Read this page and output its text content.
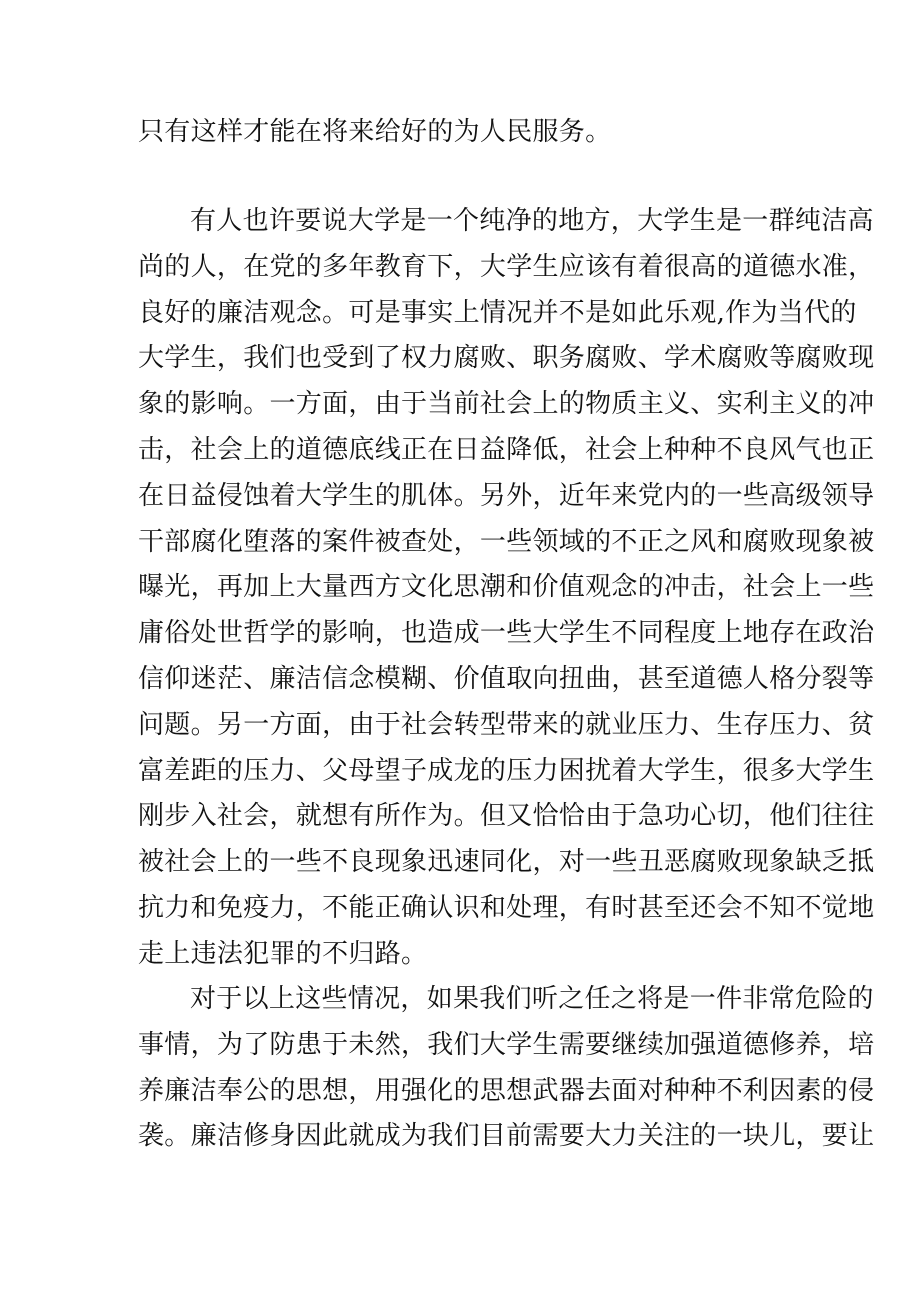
只有这样才能在将来给好的为人民服务。
有人也许要说大学是一个纯净的地方，大学生是一群纯洁高
尚的人，在党的多年教育下，大学生应该有着很高的道德水准，
良好的廉洁观念。可是事实上情况并不是如此乐观,作为当代的
大学生，我们也受到了权力腐败、职务腐败、学术腐败等腐败现
象的影响。一方面，由于当前社会上的物质主义、实利主义的冲
击，社会上的道德底线正在日益降低，社会上种种不良风气也正
在日益侵蚀着大学生的肌体。另外，近年来党内的一些高级领导
干部腐化堕落的案件被查处，一些领域的不正之风和腐败现象被
曝光，再加上大量西方文化思潮和价值观念的冲击，社会上一些
庸俗处世哲学的影响，也造成一些大学生不同程度上地存在政治
信仰迷茫、廉洁信念模糊、价值取向扭曲，甚至道德人格分裂等
问题。另一方面，由于社会转型带来的就业压力、生存压力、贫
富差距的压力、父母望子成龙的压力困扰着大学生，很多大学生
刚步入社会，就想有所作为。但又恰恰由于急功心切，他们往往
被社会上的一些不良现象迅速同化，对一些丑恶腐败现象缺乏抵
抗力和免疫力，不能正确认识和处理，有时甚至还会不知不觉地
走上违法犯罪的不归路。
对于以上这些情况，如果我们听之任之将是一件非常危险的
事情，为了防患于未然，我们大学生需要继续加强道德修养，培
养廉洁奉公的思想，用强化的思想武器去面对种种不利因素的侵
袭。廉洁修身因此就成为我们目前需要大力关注的一块儿，要让
